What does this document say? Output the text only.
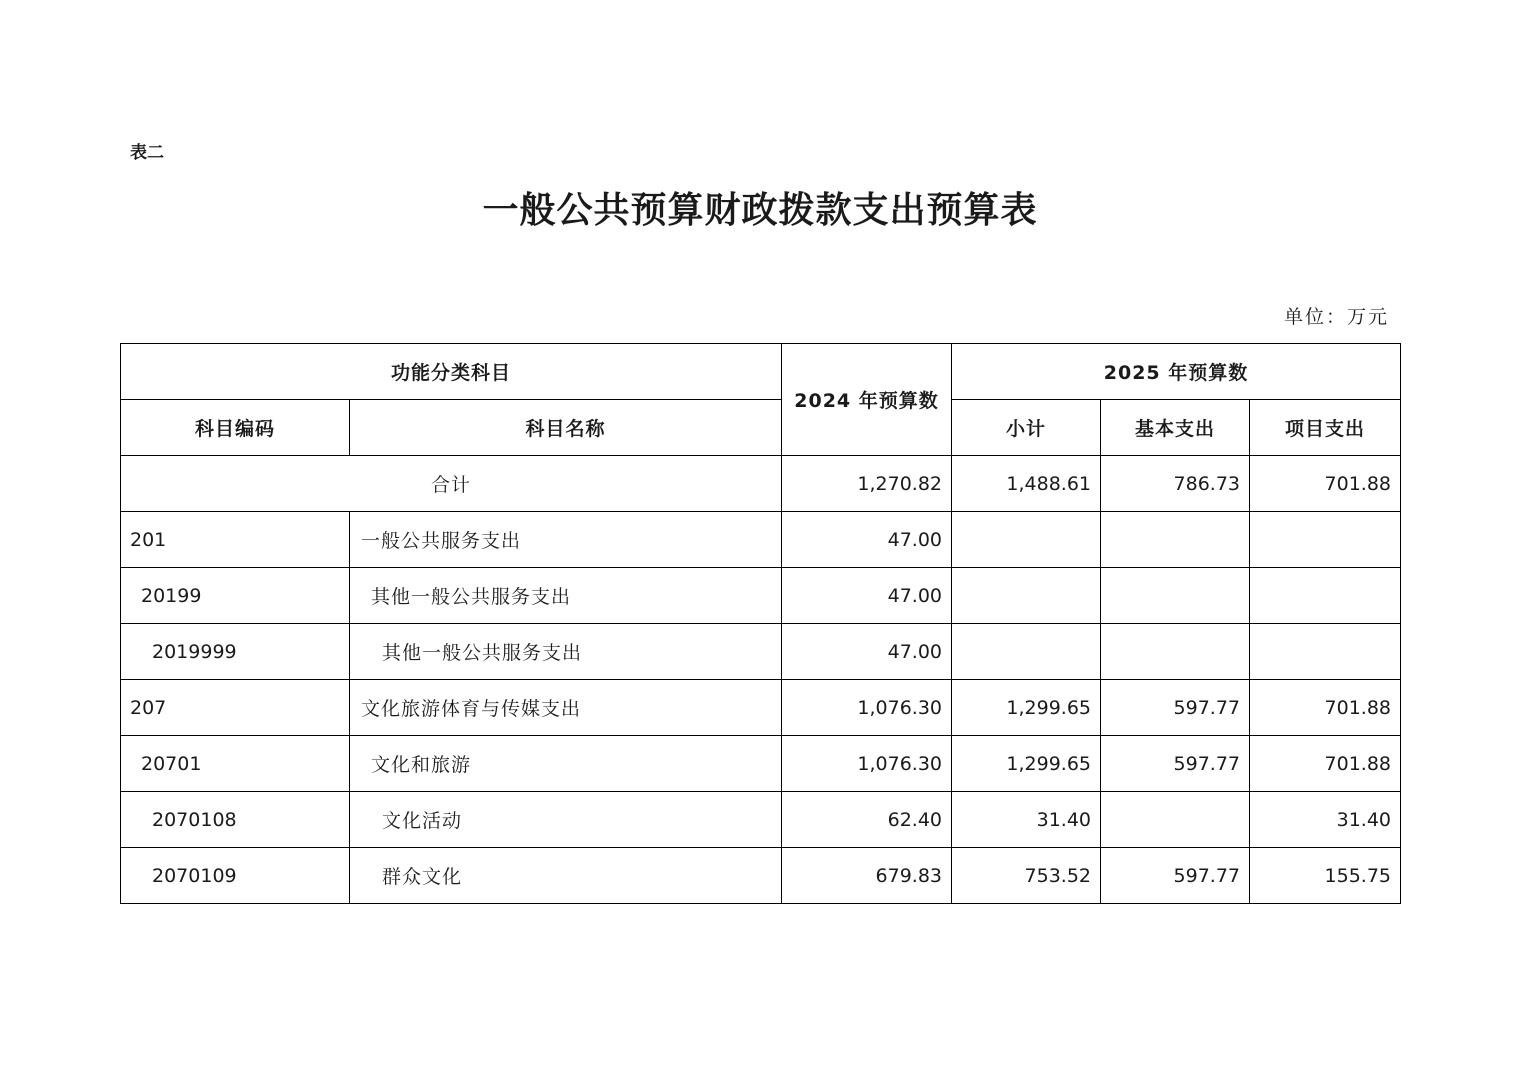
表二
一般公共预算财政拨款支出预算表
单位：万元
功能分类科目		2024 年预算数	2025 年预算数		
科目编码	科目名称		小计	基本支出	项目支出
合计		1,270.82	1,488.61	786.73	701.88
201	一般公共服务支出	47.00			
20199	其他一般公共服务支出	47.00			
2019999	其他一般公共服务支出	47.00			
207	文化旅游体育与传媒支出	1,076.30	1,299.65	597.77	701.88
20701	文化和旅游	1,076.30	1,299.65	597.77	701.88
2070108	文化活动	62.40	31.40		31.40
2070109	群众文化	679.83	753.52	597.77	155.75
